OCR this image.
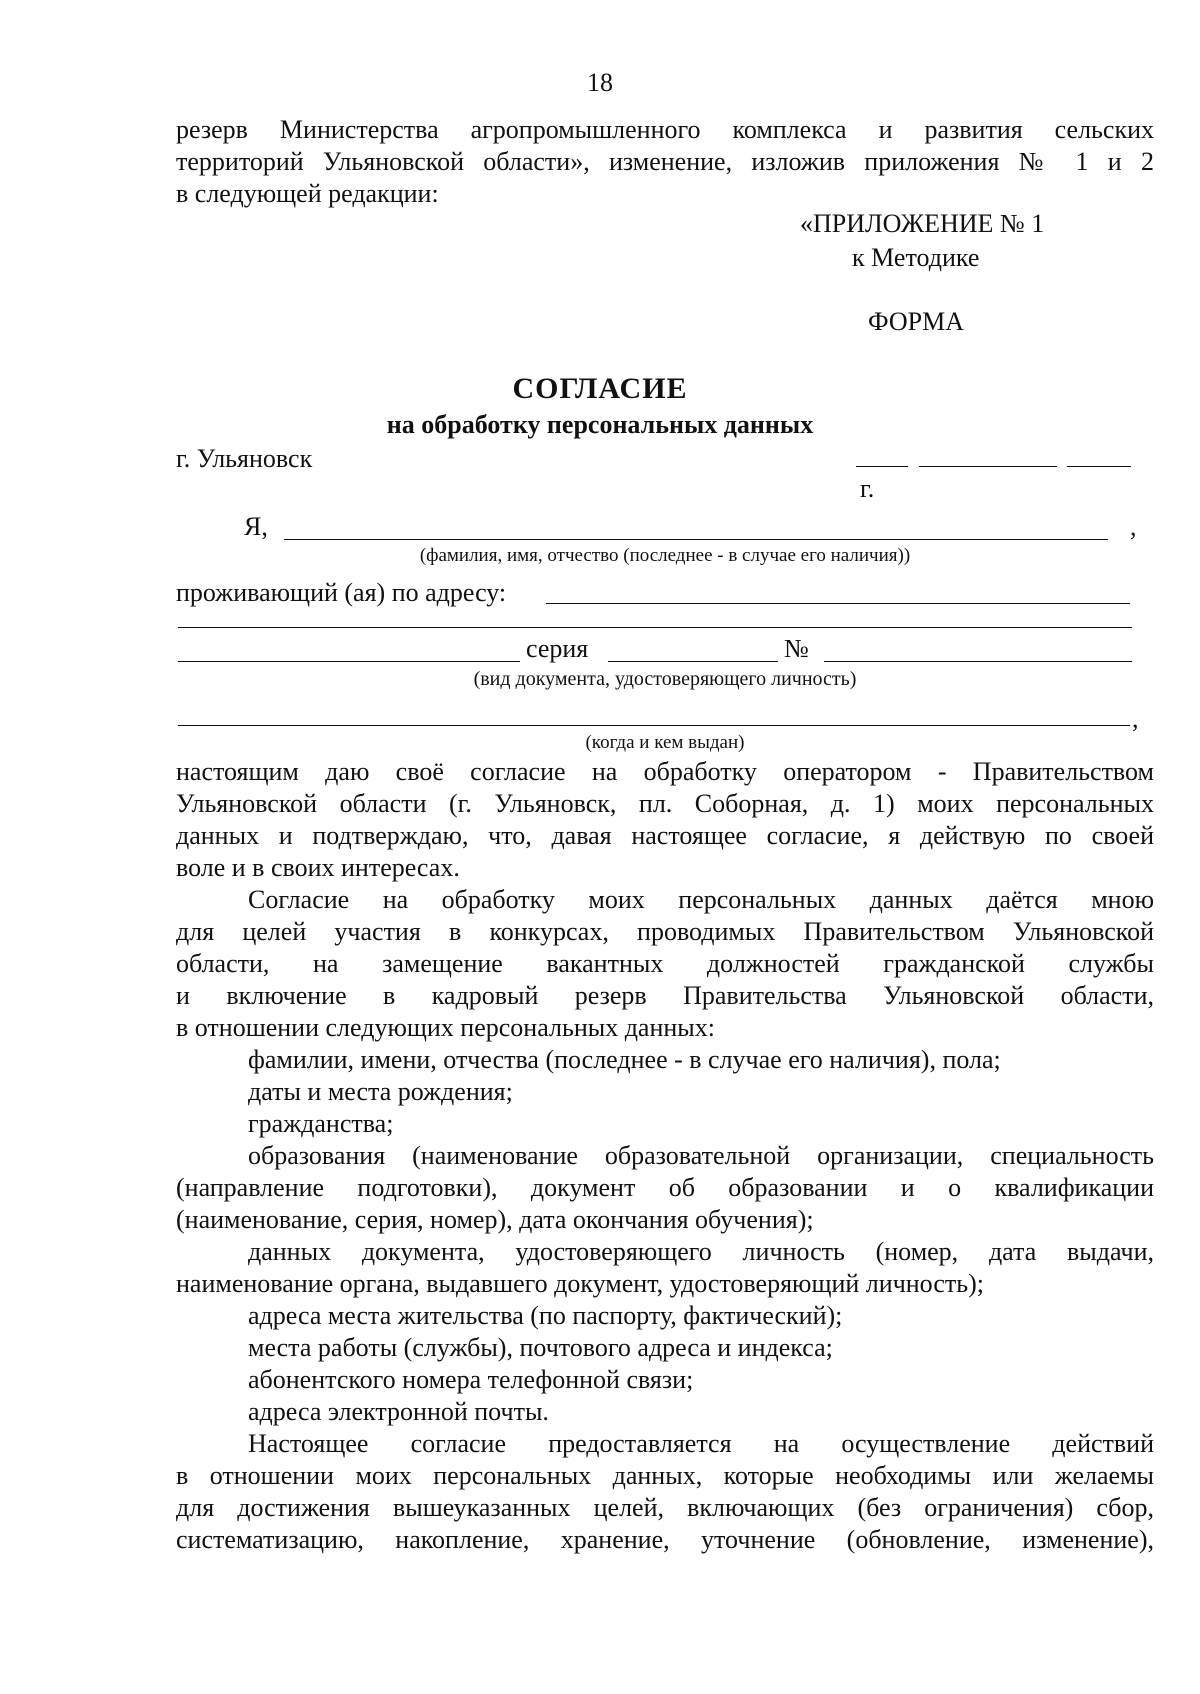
18
резерв Министерства агропромышленного комплекса и развития сельских
территорий Ульяновской области», изменение, изложив приложения № 1 и 2
в следующей редакции:
«ПРИЛОЖЕНИЕ № 1
к Методике
ФОРМА
СОГЛАСИЕ
на обработку персональных данных
г. Ульяновск
г.
Я,	,
(фамилия, имя, отчество (последнее - в случае его наличия))
проживающий (ая) по адресу:
серия	№
(вид документа, удостоверяющего личность)
,
(когда и кем выдан)
настоящим даю своё согласие на обработку оператором - Правительством
Ульяновской области (г. Ульяновск, пл. Соборная, д. 1) моих персональных
данных и подтверждаю, что, давая настоящее согласие, я действую по своей
воле и в своих интересах.
Согласие на обработку моих персональных данных даётся мною
для целей участия в конкурсах, проводимых Правительством Ульяновской
области, на замещение вакантных должностей гражданской службы
и включение в кадровый резерв Правительства Ульяновской области,
в отношении следующих персональных данных:
фамилии, имени, отчества (последнее - в случае его наличия), пола;
даты и места рождения;
гражданства;
образования (наименование образовательной организации, специальность
(направление подготовки), документ об образовании и о квалификации
(наименование, серия, номер), дата окончания обучения);
данных документа, удостоверяющего личность (номер, дата выдачи,
наименование органа, выдавшего документ, удостоверяющий личность);
адреса места жительства (по паспорту, фактический);
места работы (службы), почтового адреса и индекса;
абонентского номера телефонной связи;
адреса электронной почты.
Настоящее согласие предоставляется на осуществление действий
в отношении моих персональных данных, которые необходимы или желаемы
для достижения вышеуказанных целей, включающих (без ограничения) сбор,
систематизацию, накопление, хранение, уточнение (обновление, изменение),
